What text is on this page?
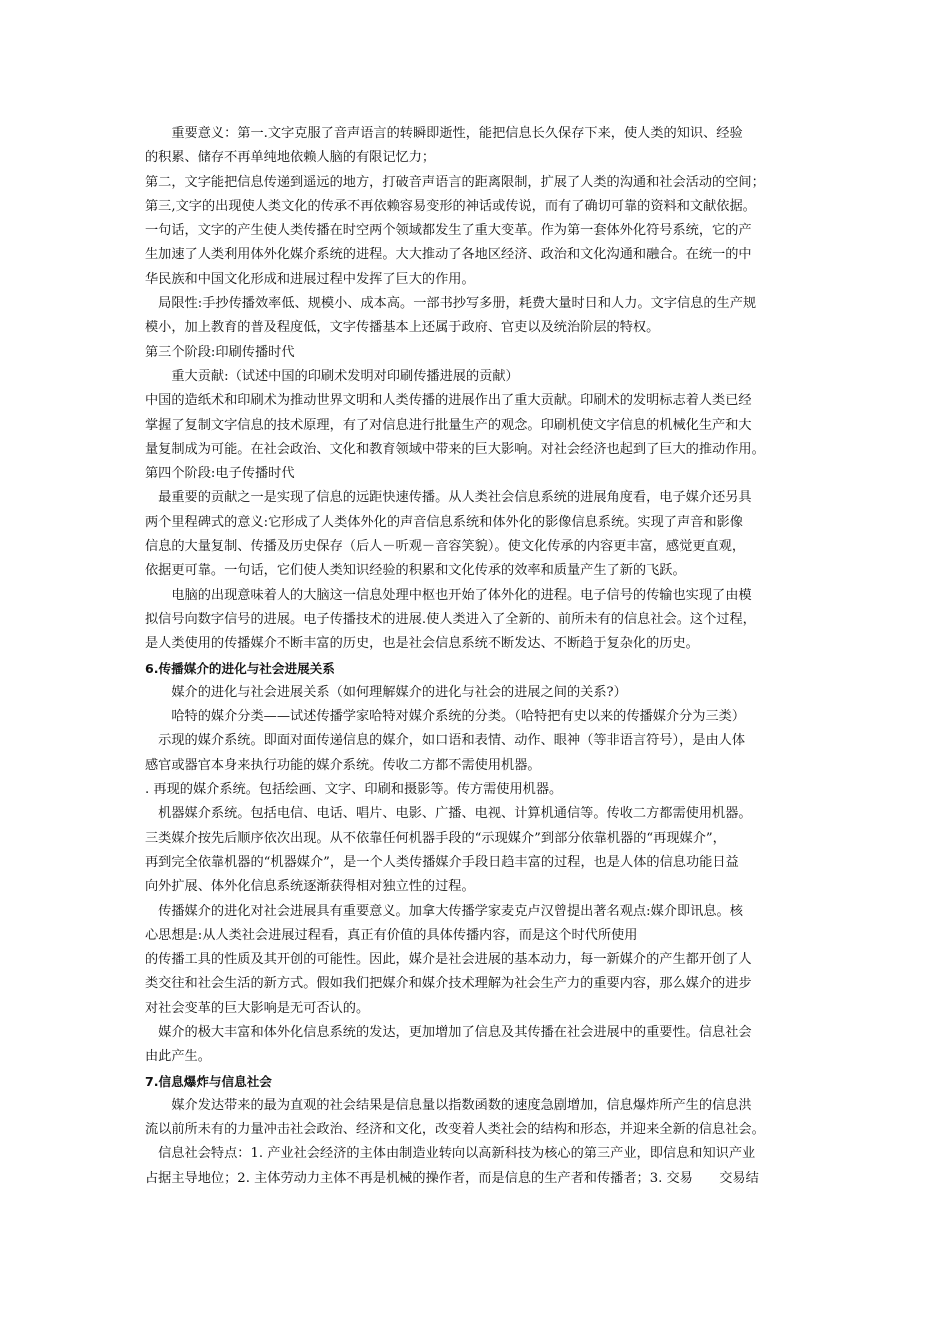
　　重要意义：第一.文字克服了音声语言的转瞬即逝性，能把信息长久保存下来，使人类的知识、经验
的积累、储存不再单纯地依赖人脑的有限记忆力；
第二，文字能把信息传递到遥远的地方，打破音声语言的距离限制，扩展了人类的沟通和社会活动的空间；
第三,文字的出现使人类文化的传承不再依赖容易变形的神话或传说，而有了确切可靠的资料和文献依据。
一句话，文字的产生使人类传播在时空两个领域都发生了重大变革。作为第一套体外化符号系统，它的产
生加速了人类利用体外化媒介系统的进程。大大推动了各地区经济、政治和文化沟通和融合。在统一的中
华民族和中国文化形成和进展过程中发挥了巨大的作用。
　局限性:手抄传播效率低、规模小、成本高。一部书抄写多册，耗费大量时日和人力。文字信息的生产规
模小，加上教育的普及程度低，文字传播基本上还属于政府、官吏以及统治阶层的特权。
第三个阶段:印刷传播时代
　　重大贡献:（试述中国的印刷术发明对印刷传播进展的贡献）
中国的造纸术和印刷术为推动世界文明和人类传播的进展作出了重大贡献。印刷术的发明标志着人类已经
掌握了复制文字信息的技术原理，有了对信息进行批量生产的观念。印刷机使文字信息的机械化生产和大
量复制成为可能。在社会政治、文化和教育领域中带来的巨大影响。对社会经济也起到了巨大的推动作用。
第四个阶段:电子传播时代
　最重要的贡献之一是实现了信息的远距快速传播。从人类社会信息系统的进展角度看，电子媒介还另具
两个里程碑式的意义:它形成了人类体外化的声音信息系统和体外化的影像信息系统。实现了声音和影像
信息的大量复制、传播及历史保存（后人－听观－音容笑貌）。使文化传承的内容更丰富，感觉更直观，
依据更可靠。一句话，它们使人类知识经验的积累和文化传承的效率和质量产生了新的飞跃。
　　电脑的出现意味着人的大脑这一信息处理中枢也开始了体外化的进程。电子信号的传输也实现了由模
拟信号向数字信号的进展。电子传播技术的进展.使人类进入了全新的、前所未有的信息社会。这个过程，
是人类使用的传播媒介不断丰富的历史，也是社会信息系统不断发达、不断趋于复杂化的历史。
6.传播媒介的进化与社会进展关系
　　媒介的进化与社会进展关系（如何理解媒介的进化与社会的进展之间的关系?）
　　哈特的媒介分类——试述传播学家哈特对媒介系统的分类。（哈特把有史以来的传播媒介分为三类）
　示现的媒介系统。即面对面传递信息的媒介，如口语和表情、动作、眼神（等非语言符号），是由人体
感官或器官本身来执行功能的媒介系统。传收二方都不需使用机器。
. 再现的媒介系统。包括绘画、文字、印刷和摄影等。传方需使用机器。
　机器媒介系统。包括电信、电话、唱片、电影、广播、电视、计算机通信等。传收二方都需使用机器。
三类媒介按先后顺序依次出现。从不依靠任何机器手段的“示现媒介”到部分依靠机器的“再现媒介”，
再到完全依靠机器的“机器媒介”，是一个人类传播媒介手段日趋丰富的过程，也是人体的信息功能日益
向外扩展、体外化信息系统逐渐获得相对独立性的过程。
　传播媒介的进化对社会进展具有重要意义。加拿大传播学家麦克卢汉曾提出著名观点:媒介即讯息。核
心思想是:从人类社会进展过程看，真正有价值的具体传播内容，而是这个时代所使用
的传播工具的性质及其开创的可能性。因此，媒介是社会进展的基本动力，每一新媒介的产生都开创了人
类交往和社会生活的新方式。假如我们把媒介和媒介技术理解为社会生产力的重要内容，那么媒介的进步
对社会变革的巨大影响是无可否认的。
　媒介的极大丰富和体外化信息系统的发达，更加增加了信息及其传播在社会进展中的重要性。信息社会
由此产生。
7.信息爆炸与信息社会
　　媒介发达带来的最为直观的社会结果是信息量以指数函数的速度急剧增加，信息爆炸所产生的信息洪
流以前所未有的力量冲击社会政治、经济和文化，改变着人类社会的结构和形态，并迎来全新的信息社会。
　信息社会特点：1. 产业社会经济的主体由制造业转向以高新科技为核心的第三产业，即信息和知识产业
占据主导地位；2. 主体劳动力主体不再是机械的操作者，而是信息的生产者和传播者；3. 交易　　交易结
